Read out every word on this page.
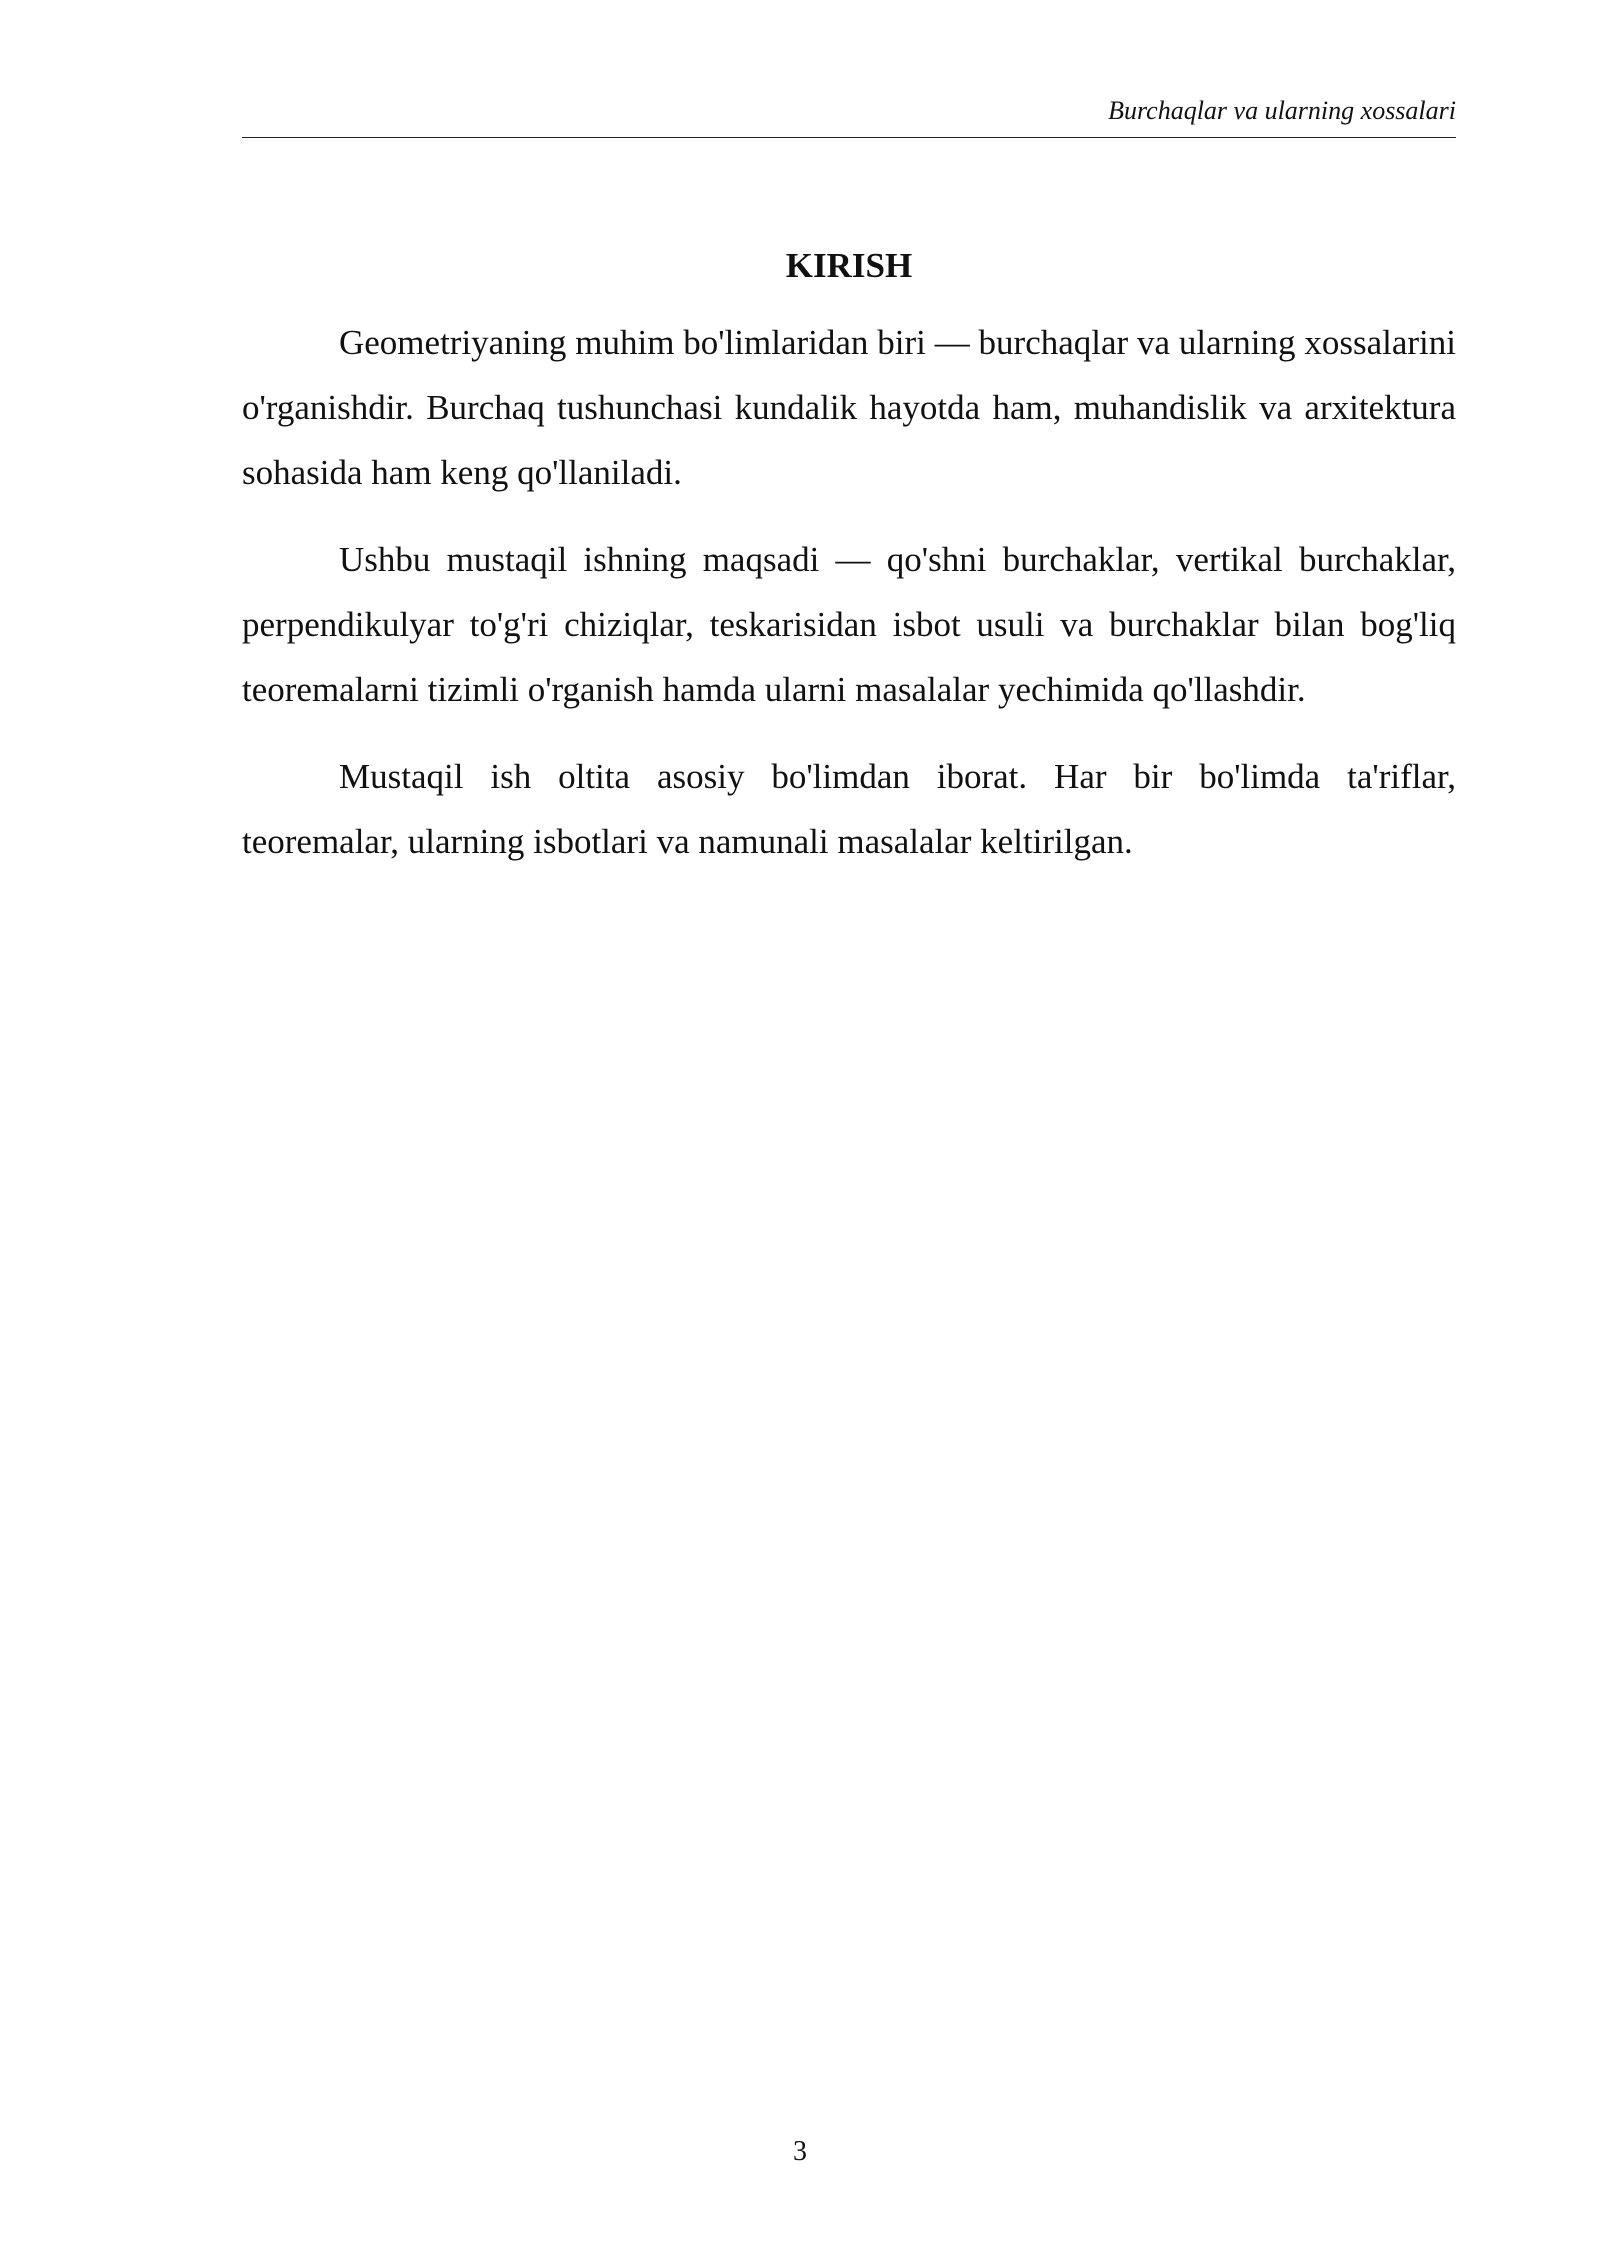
Burchaqlar va ularning xossalari
KIRISH

Geometriyaning muhim bo'limlaridan biri — burchaqlar va ularning xossalarini o'rganishdir. Burchaq tushunchasi kundalik hayotda ham, muhandislik va arxitektura sohasida ham keng qo'llaniladi.

Ushbu mustaqil ishning maqsadi — qo'shni burchaklar, vertikal burchaklar, perpendikulyar to'g'ri chiziqlar, teskarisidan isbot usuli va burchaklar bilan bog'liq teoremalarni tizimli o'rganish hamda ularni masalalar yechimida qo'llashdir.

Mustaqil ish oltita asosiy bo'limdan iborat. Har bir bo'limda ta'riflar, teoremalar, ularning isbotlari va namunali masalalar keltirilgan.

3
